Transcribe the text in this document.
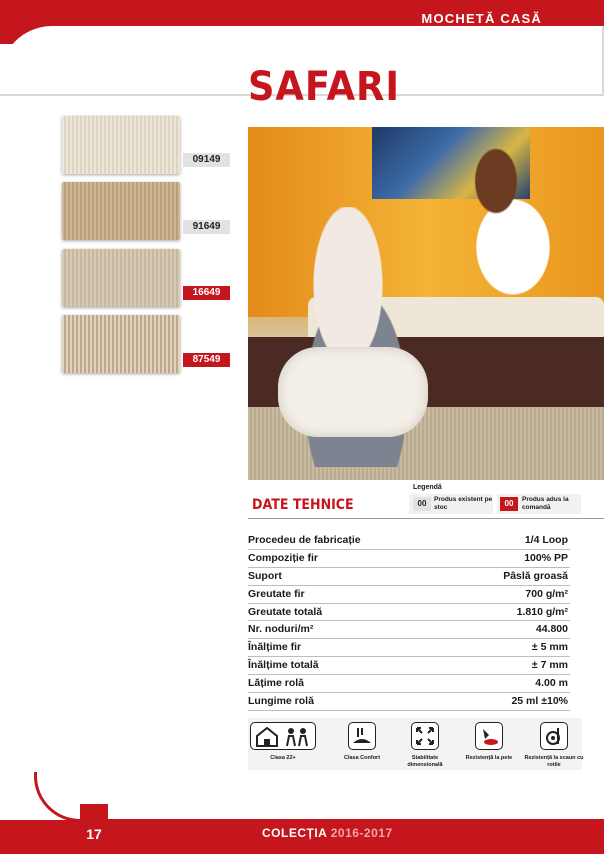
MOCHETĂ CASĂ
SAFARI
09149
91649
16649
87549
Legendă
00	Produs existent pe stoc	00	Produs adus la comandă
DATE TEHNICE
Procedeu de fabricație	1/4 Loop
Compoziție fir	100% PP
Suport	Pâslă groasă
Greutate fir	700 g/m²
Greutate totală	1.810 g/m²
Nr. noduri/m²	44.800
Înălțime fir	± 5 mm
Înălțime totală	± 7 mm
Lățime rolă	4.00 m
Lungime rolă	25 ml ±10%
Clasa 22+	Clasa Confort	Stabilitate dimensională
Rezistență la pete	Rezistență la scaun cu rotile
17	COLECȚIA 2016-2017
